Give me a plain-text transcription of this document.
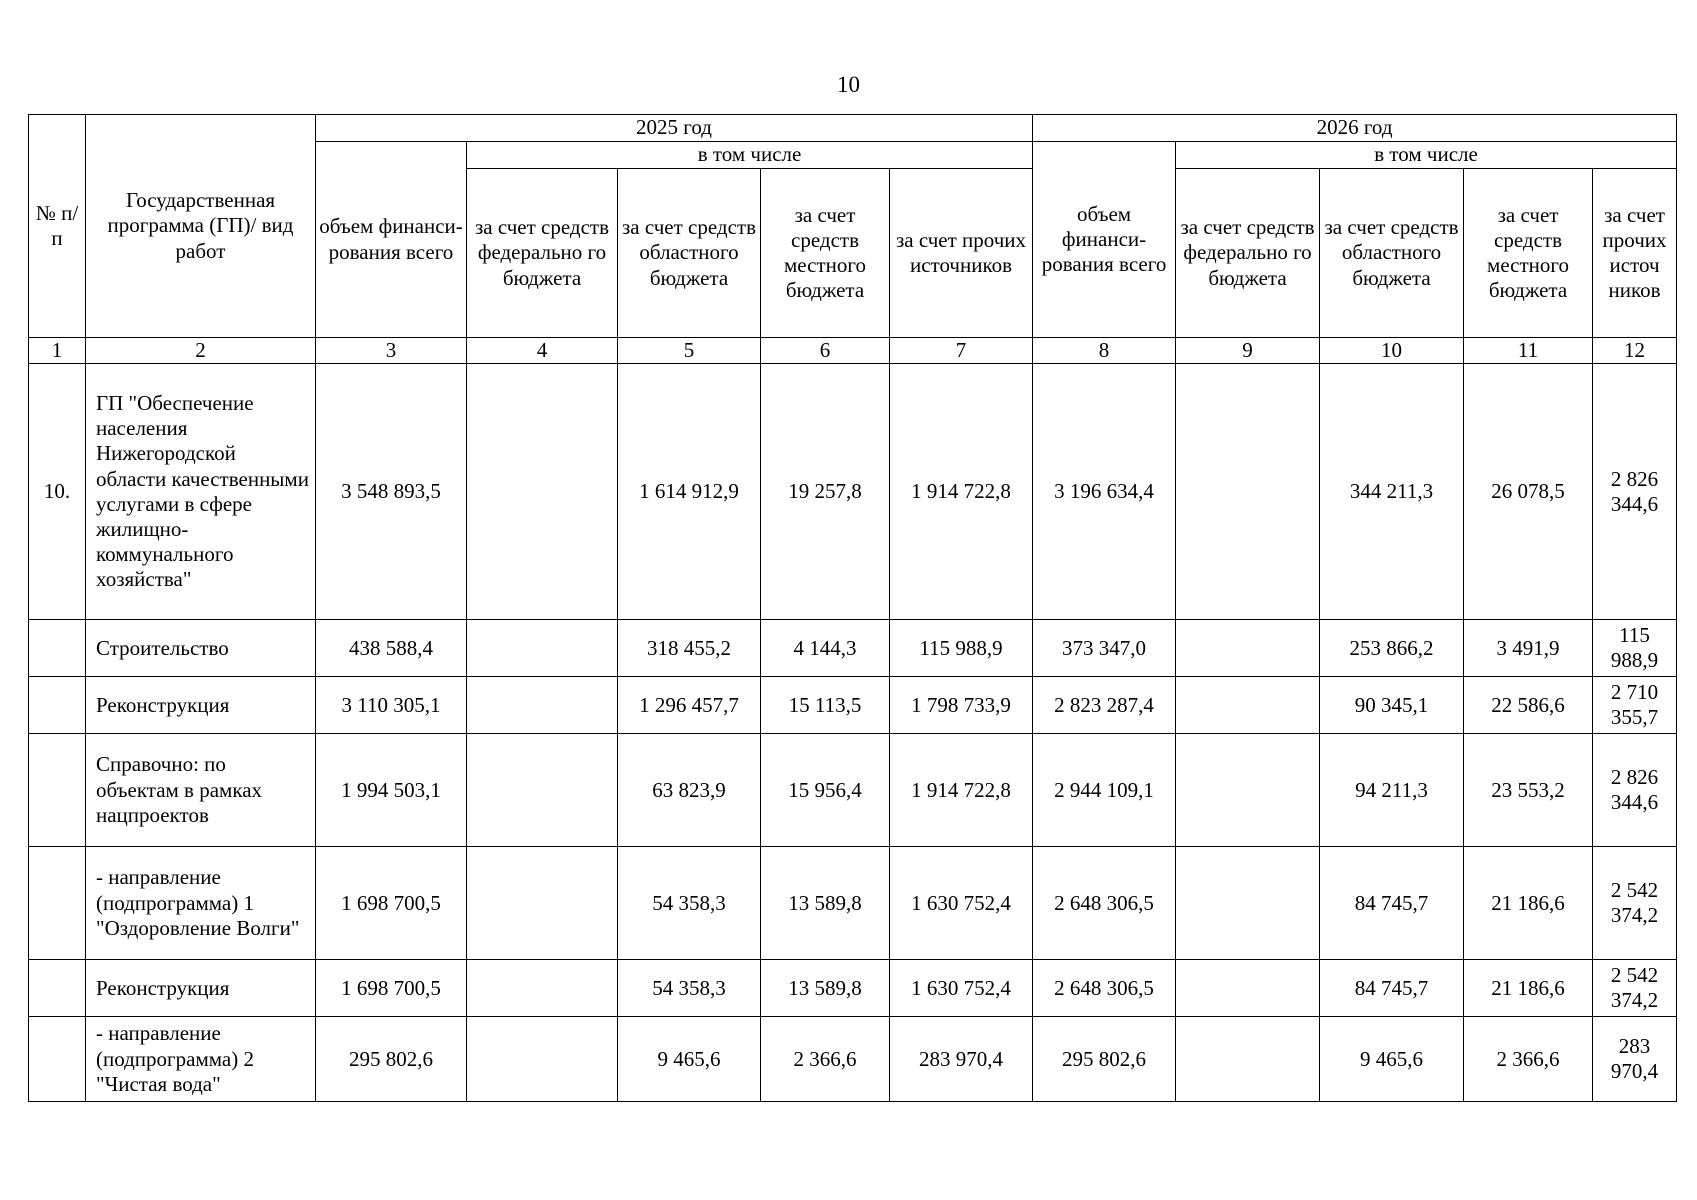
10
№ п/п	Государственная программа (ГП)/ вид работ	2025 год					2026 год				
		объем финанси-рования всего	в том числе				объем финанси-рования всего	в том числе			
			за счет средств федерально го бюджета	за счет средств областного бюджета	за счет средств местного бюджета	за счет прочих источников		за счет средств федерально го бюджета	за счет средств областного бюджета	за счет средств местного бюджета	за счет прочих источ ников
1	2	3	4	5	6	7	8	9	10	11	12
10.	ГП "Обеспечение населения Нижегородской области качественными услугами в сфере жилищно-коммунального хозяйства"	3 548 893,5		1 614 912,9	19 257,8	1 914 722,8	3 196 634,4		344 211,3	26 078,5	2 826 344,6
	Строительство	438 588,4		318 455,2	4 144,3	115 988,9	373 347,0		253 866,2	3 491,9	115 988,9
	Реконструкция	3 110 305,1		1 296 457,7	15 113,5	1 798 733,9	2 823 287,4		90 345,1	22 586,6	2 710 355,7
	Справочно: по объектам в рамках нацпроектов	1 994 503,1		63 823,9	15 956,4	1 914 722,8	2 944 109,1		94 211,3	23 553,2	2 826 344,6
	- направление (подпрограмма) 1 "Оздоровление Волги"	1 698 700,5		54 358,3	13 589,8	1 630 752,4	2 648 306,5		84 745,7	21 186,6	2 542 374,2
	Реконструкция	1 698 700,5		54 358,3	13 589,8	1 630 752,4	2 648 306,5		84 745,7	21 186,6	2 542 374,2
	- направление (подпрограмма) 2 "Чистая вода"	295 802,6		9 465,6	2 366,6	283 970,4	295 802,6		9 465,6	2 366,6	283 970,4
